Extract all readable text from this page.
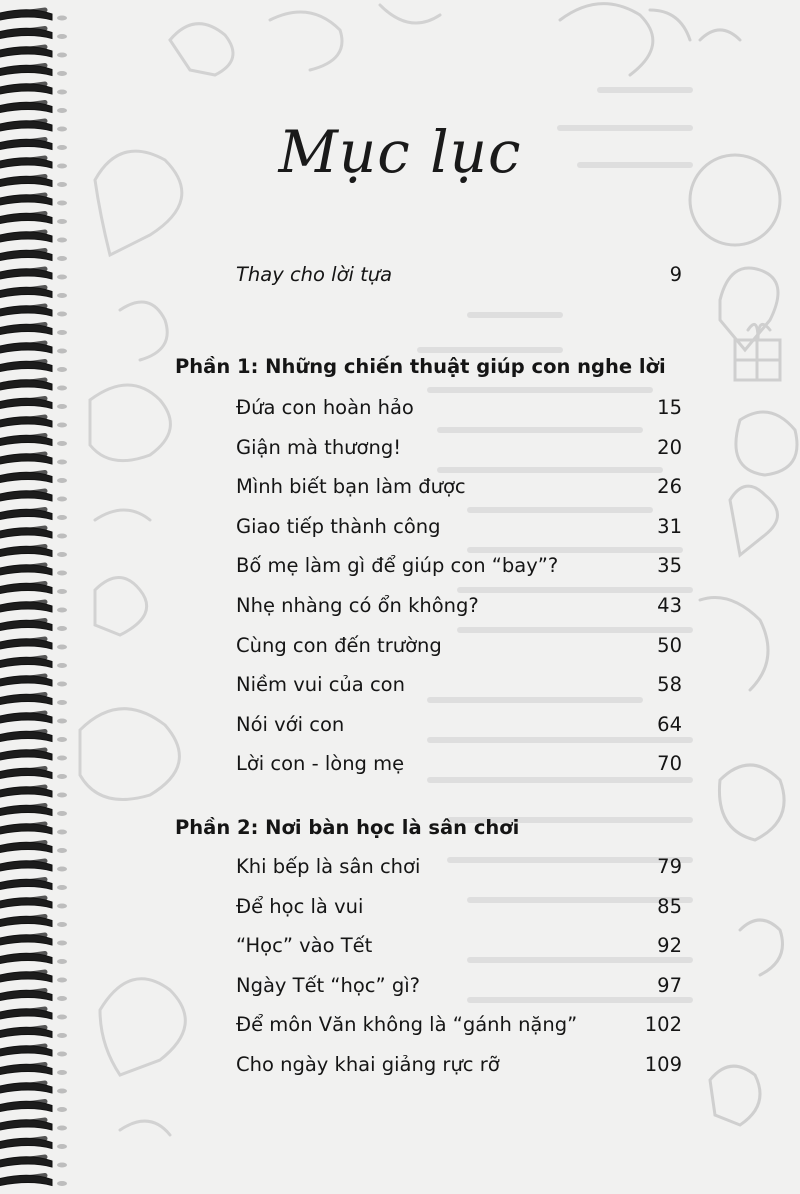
Mục lục
Thay cho lời tựa	9
Phần 1: Những chiến thuật giúp con nghe lời
Đứa con hoàn hảo	15
Giận mà thương!	20
Mình biết bạn làm được	26
Giao tiếp thành công	31
Bố mẹ làm gì để giúp con “bay”?	35
Nhẹ nhàng có ổn không?	43
Cùng con đến trường	50
Niềm vui của con	58
Nói với con	64
Lời con - lòng mẹ	70
Phần 2: Nơi bàn học là sân chơi
Khi bếp là sân chơi	79
Để học là vui	85
“Học” vào Tết	92
Ngày Tết “học” gì?	97
Để môn Văn không là “gánh nặng”	102
Cho ngày khai giảng rực rỡ	109
